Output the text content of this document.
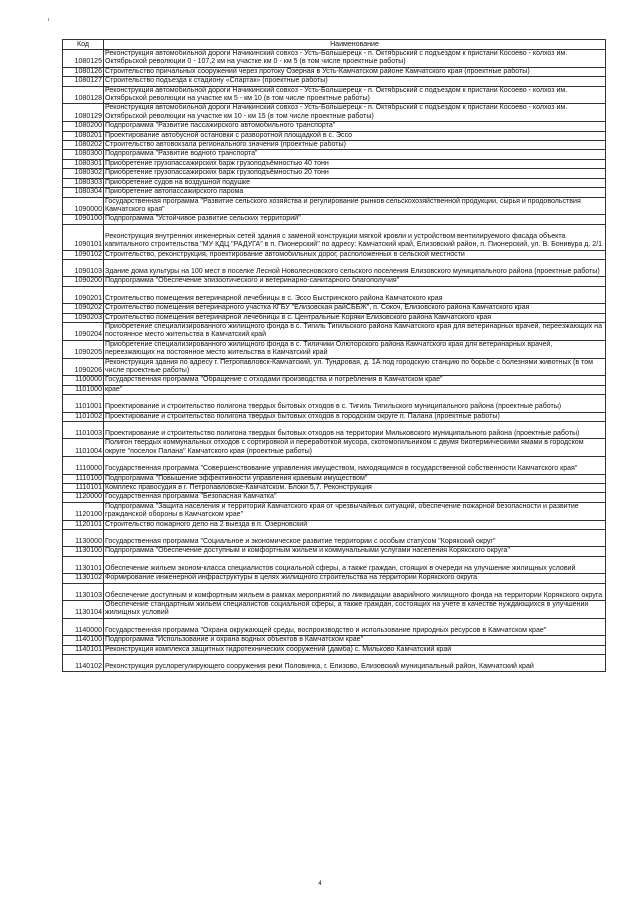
Код	Наименование
1080125	Реконструкция автомобильной дороги Начикинский совхоз - Усть-Большерецк - п. Октябрьский с подъездом к пристани Косоево - колхоз им. Октябрьской революции 0 - 107,2 км на участке км 0 - км 5 (в том числе проектные работы)
1080126	Строительство причальных сооружений через протоку Озерная в Усть-Камчатском районе Камчатского края (проектные работы)
1080127	Строительство подъезда к стадиону «Спартак» (проектные работы)
1080128	Реконструкция автомобильной дороги Начикинский совхоз - Усть-Большерецк - п. Октябрьский с подъездом к пристани Косоево - колхоз им. Октябрьской революции на участке км 5 - км 10 (в том числе проектные работы)
1080129	Реконструкция автомобильной дороги Начикинский совхоз - Усть-Большерецк - п. Октябрьский с подъездом к пристани Косоево - колхоз им. Октябрьской революции на участке км 10 - км 15 (в том числе проектные работы)
1080200	Подпрограмма "Развитие пассажирского автомобильного транспорта"
1080201	Проектирование автобусной остановки с разворотной площадкой в с. Эссо
1080202	Строительство автовокзала регионального значения (проектные работы)
1080300	Подпрограмма "Развитие водного транспорта"
1080301	Приобретение грузопассажирских барж грузоподъёмностью 40 тонн
1080302	Приобретение грузопассажирских барж грузоподъёмностью 20 тонн
1080303	Приобретение судов на воздушной подушке
1080304	Приобретение автопассажирского парома
1090000	Государственная программа "Развитие сельского хозяйства и регулирование рынков сельскохозяйственной продукции, сырья и продовольствия Камчатского края"
1090100	Подпрограмма "Устойчивое развитие сельских территорий"
1090101	Реконструкция внутренних инженерных сетей здания с заменой конструкции мягкой кровли и устройством вентилируемого фасада объекта капитального строительства "МУ КДЦ "РАДУГА" в п. Пионерский" по адресу: Камчатский край, Елизовский район, п. Пионерский, ул. В. Бонивура д. 2/1
1090102	Строительство, реконструкция, проектирование автомобильных дорог, расположенных в сельской местности
1090103	Здание дома культуры на 100 мест в поселке Лесной Новолесновского сельского поселения Елизовского муниципального района (проектные работы)
1090200	Подпрограмма "Обеспечение эпизоотического и ветеринарно-санитарного благополучия"
1090201	Строительство помещения ветеринарной лечебницы в с. Эссо Быстринского района Камчатского края
1090202	Строительство помещения ветеринарного участка КГБУ "Елизовская райСББЖ", п. Сокоч, Елизовского района Камчатского края
1090203	Строительство помещения ветеринарной лечебницы в с. Центральные Коряки Елизовского района Камчатского края
1090204	Приобретение специализированного жилищного фонда в с. Тигиль Тигильского района Камчатского края для ветеринарных врачей, переезжающих на постоянное место жительства в Камчатский край
1090205	Приобретение специализированного жилищного фонда в с. Тиличики Олюторского района Камчатского края для ветеринарных врачей, переезжающих на постоянное место жительства в Камчатский край
1090206	Реконструкция здания по адресу г. Петропавловск-Камчатский, ул. Тундровая, д. 1А под городскую станцию по борьбе с болезнями животных (в том числе проектные работы)
1100000	Государственная программа "Обращение с отходами производства и потребления в Камчатском крае"
1101000	крае"
1101001	Проектирование и строительство полигона твердых бытовых отходов в с. Тигиль Тигильского муниципального района (проектные работы)
1101002	Проектирование и строительство полигона твердых бытовых отходов в городском округе п. Палана (проектные работы)
1101003	Проектирование и строительство полигона твердых бытовых отходов на территории Мильковского муниципального района (проектные работы)
1101004	Полигон твердых коммунальных отходов с сортировкой и переработкой мусора, скотомогильником с двумя биотермическими ямами в городском округе "поселок Палана" Камчатского края (проектные работы)
1110000	Государственная программа "Совершенствование управления имуществом, находящимся в государственной собственности Камчатского края"
1110100	Подпрограмма "Повышение эффективности управления краевым имуществом"
1110101	Комплекс правосудия в г. Петропавловске-Камчатском. Блоки 5,7. Реконструкция
1120000	Государственная программа "Безопасная Камчатка"
1120100	Подпрограмма "Защита населения и территорий Камчатского края от чрезвычайных ситуаций, обеспечение пожарной безопасности и развитие гражданской обороны в Камчатском крае"
1120101	Строительство пожарного депо на 2 выезда в п. Озерновский
1130000	Государственная программа "Социальное и экономическое развитие территории с особым статусом "Корякский округ"
1130100	Подпрограмма "Обеспечение доступным и комфортным жильем и коммунальными услугами населения Корякского округа"
1130101	Обеспечение жильем эконом-класса специалистов социальной сферы, а также граждан, стоящих в очереди на улучшение жилищных условий
1130102	Формирование инженерной инфраструктуры в целях жилищного строительства на территории Корякского округа
1130103	Обеспечение доступным и комфортным жильем в рамках мероприятий по ликвидации аварийного жилищного фонда на территории Корякского округа
1130104	Обеспечение стандартным жильем специалистов социальной сферы, а также граждан, состоящих на учете в качестве нуждающихся в улучшении жилищных условий
1140000	Государственная программа "Охрана окружающей среды, воспроизводство и использование природных ресурсов в Камчатском крае"
1140100	Подпрограмма "Использование и охрана водных объектов в Камчатском крае"
1140101	Реконструкция комплекса защитных гидротехнических сооружений (дамба) с. Мильково Камчатский край
1140102	Реконструкция руслорегулирующего сооружения реки Половинка, г. Елизово, Елизовский муниципальный район, Камчатский край
4
